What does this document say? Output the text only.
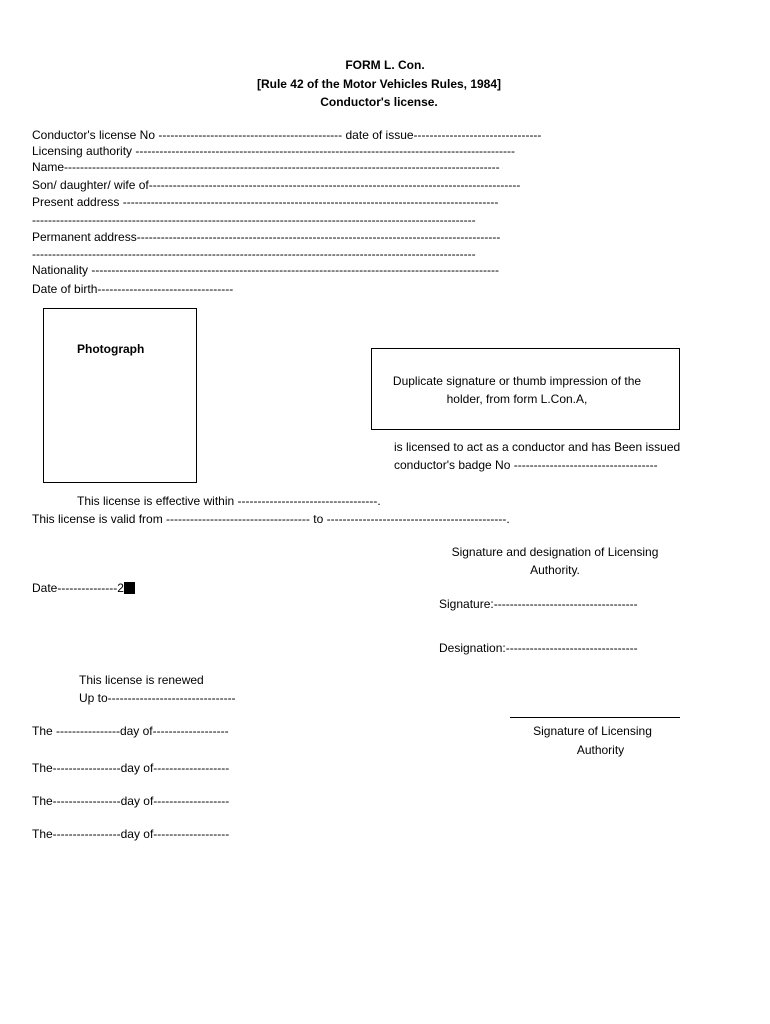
FORM L. Con.
[Rule 42 of the Motor Vehicles Rules, 1984]
Conductor's license.
Conductor's license No ---------------------------------------------- date of issue--------------------------------
Licensing authority -----------------------------------------------------------------------------------------------
Name-------------------------------------------------------------------------------------------------------------
Son/ daughter/ wife of---------------------------------------------------------------------------------------------
Present address ----------------------------------------------------------------------------------------------
---------------------------------------------------------------------------------------------------------------
Permanent address-------------------------------------------------------------------------------------------
---------------------------------------------------------------------------------------------------------------
Nationality ------------------------------------------------------------------------------------------------------
Date of birth----------------------------------
Photograph
Duplicate signature or thumb impression of the
holder, from form L.Con.A,
is licensed to act as a conductor and has Been issued
conductor's badge No ------------------------------------
This license is effective within -----------------------------------.
This license is valid from ------------------------------------ to ---------------------------------------------.
Signature and designation of Licensing
Authority.
Signature:------------------------------------
Designation:---------------------------------
Date---------------2
This license is renewed
Up to--------------------------------
The ----------------day of-------------------
The-----------------day of-------------------
The-----------------day of-------------------
The-----------------day of-------------------
Signature of Licensing
Authority
